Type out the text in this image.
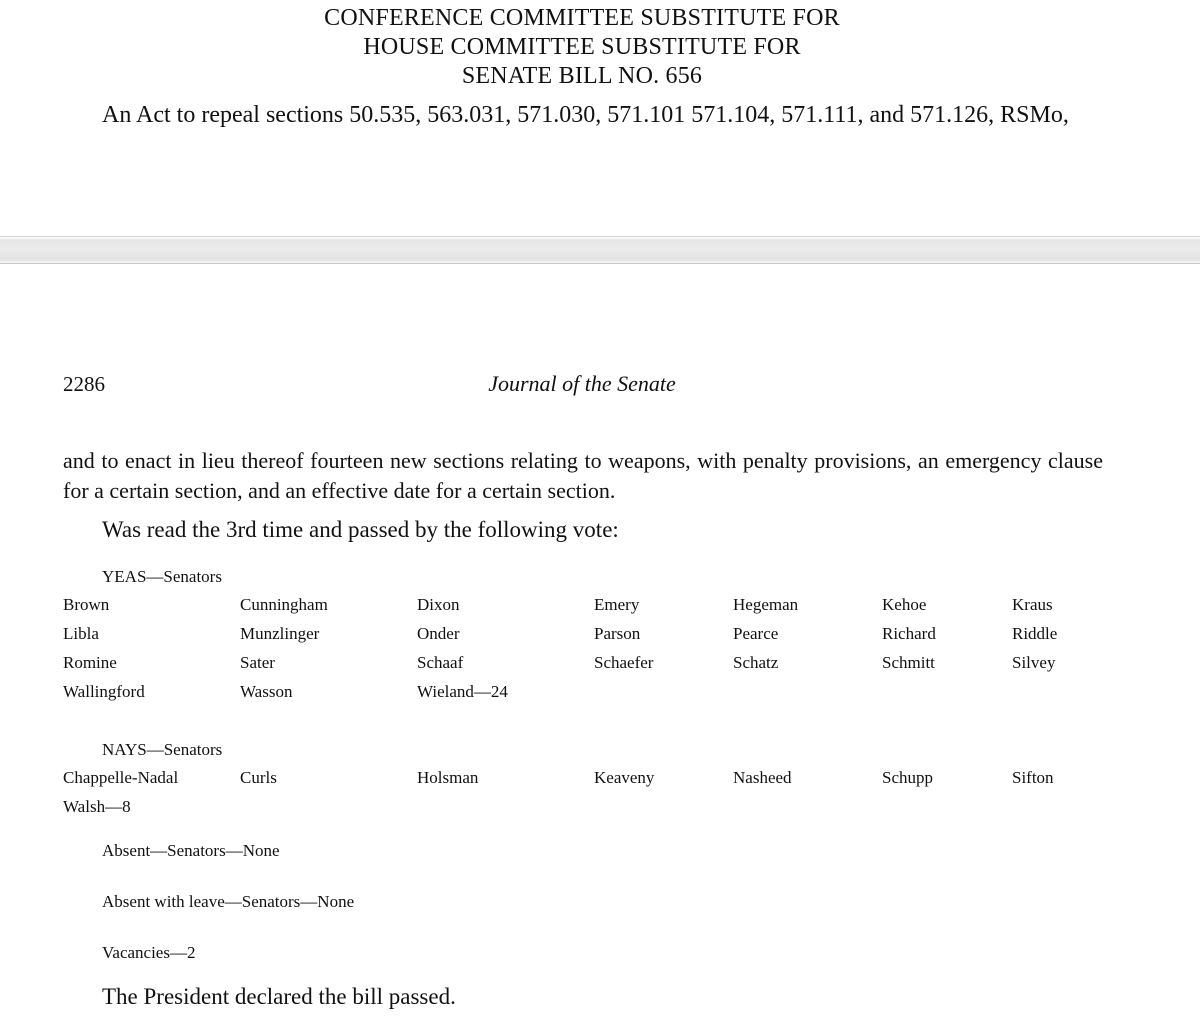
CONFERENCE COMMITTEE SUBSTITUTE FOR
HOUSE COMMITTEE SUBSTITUTE FOR
SENATE BILL NO. 656
An Act to repeal sections 50.535, 563.031, 571.030, 571.101 571.104, 571.111, and 571.126, RSMo,
2286	Journal of the Senate
and to enact in lieu thereof fourteen new sections relating to weapons, with penalty provisions, an emergency clause for a certain section, and an effective date for a certain section.
Was read the 3rd time and passed by the following vote:
YEAS—Senators
Brown	Cunningham	Dixon	Emery	Hegeman	Kehoe	Kraus
Libla	Munzlinger	Onder	Parson	Pearce	Richard	Riddle
Romine	Sater	Schaaf	Schaefer	Schatz	Schmitt	Silvey
Wallingford	Wasson	Wieland—24
NAYS—Senators
Chappelle-Nadal	Curls	Holsman	Keaveny	Nasheed	Schupp	Sifton
Walsh—8
Absent—Senators—None
Absent with leave—Senators—None
Vacancies—2
The President declared the bill passed.
